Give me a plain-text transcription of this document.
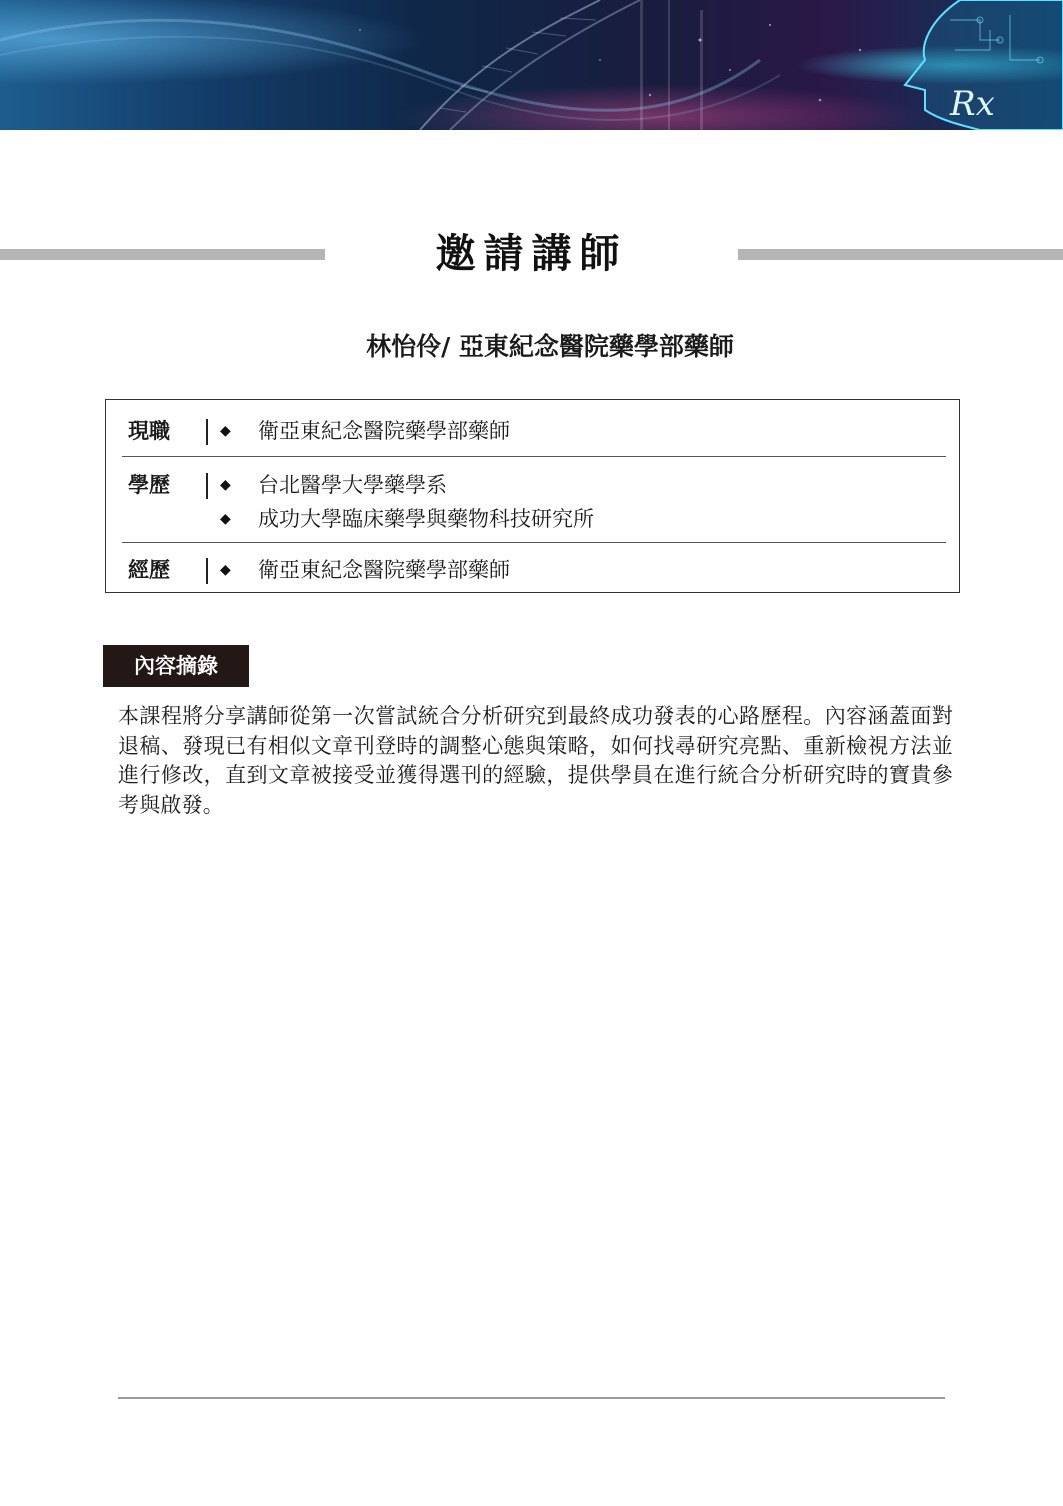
Rx
邀請講師
林怡伶/ 亞東紀念醫院藥學部藥師
現職	◆ 衛亞東紀念醫院藥學部藥師
學歷	◆ 台北醫學大學藥學系
◆ 成功大學臨床藥學與藥物科技研究所
經歷	◆ 衛亞東紀念醫院藥學部藥師
內容摘錄
本課程將分享講師從第一次嘗試統合分析研究到最終成功發表的心路歷程。內容涵蓋面對退稿、發現已有相似文章刊登時的調整心態與策略，如何找尋研究亮點、重新檢視方法並進行修改，直到文章被接受並獲得選刊的經驗，提供學員在進行統合分析研究時的寶貴參考與啟發。
